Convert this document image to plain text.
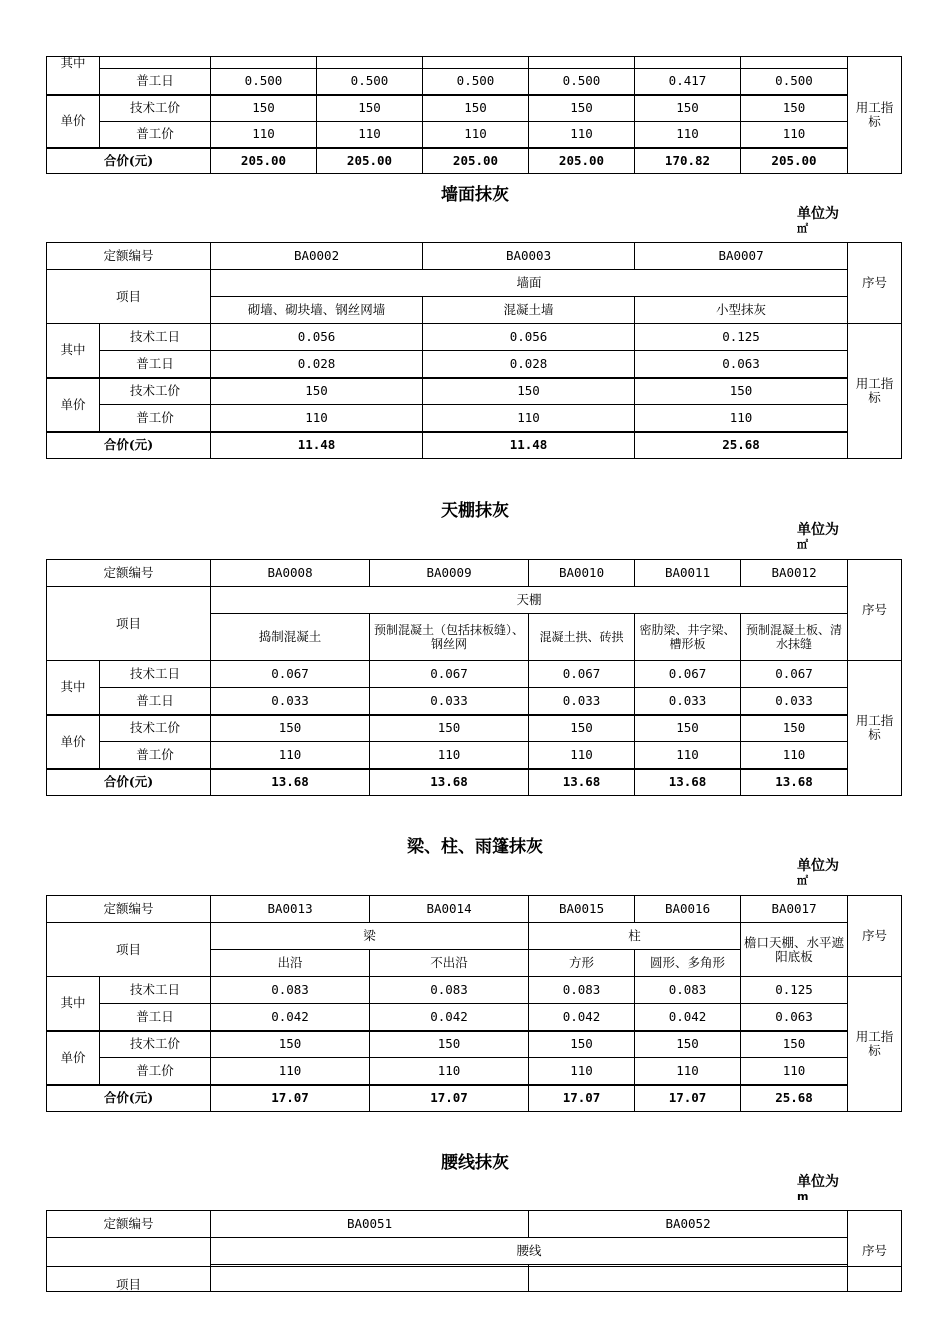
其中								用工指标
	普工日	0.500	0.500	0.500	0.500	0.417	0.500	
单价	技术工价	150	150	150	150	150	150	
	普工价	110	110	110	110	110	110	
合价(元)		205.00	205.00	205.00	205.00	170.82	205.00	
墙面抹灰
单位为
㎡
定额编号		BA0002	BA0003	BA0007	序号
项目		墙面			
		砌墙、砌块墙、钢丝网墙	混凝土墙	小型抹灰	
其中	技术工日	0.056	0.056	0.125	用工指标
	普工日	0.028	0.028	0.063	
单价	技术工价	150	150	150	
	普工价	110	110	110	
合价(元)		11.48	11.48	25.68	
天棚抹灰
单位为
㎡
定额编号		BA0008	BA0009	BA0010	BA0011	BA0012	序号
项目		天棚					
		捣制混凝土	预制混凝土（包括抹板缝）、钢丝网	混凝土拱、砖拱	密肋梁、井字梁、槽形板	预制混凝土板、清水抹缝	
其中	技术工日	0.067	0.067	0.067	0.067	0.067	用工指标
	普工日	0.033	0.033	0.033	0.033	0.033	
单价	技术工价	150	150	150	150	150	
	普工价	110	110	110	110	110	
合价(元)		13.68	13.68	13.68	13.68	13.68	
梁、柱、雨篷抹灰
单位为
㎡
定额编号		BA0013	BA0014	BA0015	BA0016	BA0017	序号
项目		梁		柱		檐口天棚、水平遮阳底板	
		出沿	不出沿	方形	圆形、多角形		
其中	技术工日	0.083	0.083	0.083	0.083	0.125	用工指标
	普工日	0.042	0.042	0.042	0.042	0.063	
单价	技术工价	150	150	150	150	150	
	普工价	110	110	110	110	110	
合价(元)		17.07	17.07	17.07	17.07	25.68	
腰线抹灰
单位为
m
定额编号	BA0051	BA0052	序号
项目	腰线		
